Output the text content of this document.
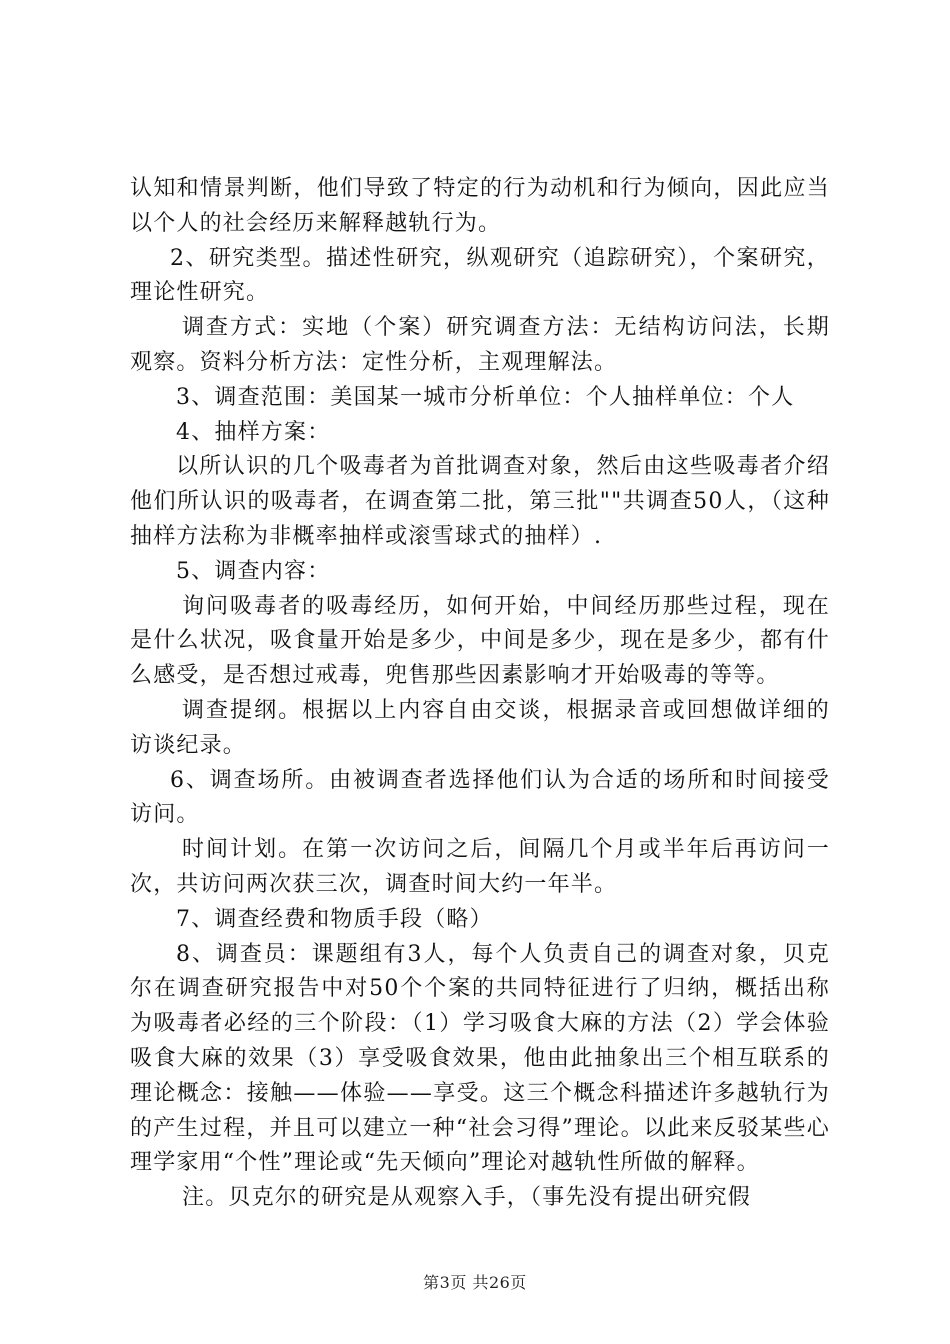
认知和情景判断，他们导致了特定的行为动机和行为倾向，因此应当以个人的社会经历来解释越轨行为。

2、研究类型。描述性研究，纵观研究（追踪研究），个案研究，理论性研究。

调查方式：实地（个案）研究调查方法：无结构访问法，长期观察。资料分析方法：定性分析，主观理解法。

3、调查范围：美国某一城市分析单位：个人抽样单位：个人

4、抽样方案：

以所认识的几个吸毒者为首批调查对象，然后由这些吸毒者介绍他们所认识的吸毒者，在调查第二批，第三批""共调查50人，（这种抽样方法称为非概率抽样或滚雪球式的抽样）.

5、调查内容：

询问吸毒者的吸毒经历，如何开始，中间经历那些过程，现在是什么状况，吸食量开始是多少，中间是多少，现在是多少，都有什么感受，是否想过戒毒，兜售那些因素影响才开始吸毒的等等。

调查提纲。根据以上内容自由交谈，根据录音或回想做详细的访谈纪录。

6、调查场所。由被调查者选择他们认为合适的场所和时间接受访问。

时间计划。在第一次访问之后，间隔几个月或半年后再访问一次，共访问两次获三次，调查时间大约一年半。

7、调查经费和物质手段（略）

8、调查员：课题组有3人，每个人负责自己的调查对象，贝克尔在调查研究报告中对50个个案的共同特征进行了归纳，概括出称为吸毒者必经的三个阶段：（1）学习吸食大麻的方法（2）学会体验吸食大麻的效果（3）享受吸食效果，他由此抽象出三个相互联系的理论概念：接触——体验——享受。这三个概念科描述许多越轨行为的产生过程，并且可以建立一种“社会习得”理论。以此来反驳某些心理学家用“个性”理论或“先天倾向”理论对越轨性所做的解释。

注。贝克尔的研究是从观察入手，（事先没有提出研究假

第3页 共26页
